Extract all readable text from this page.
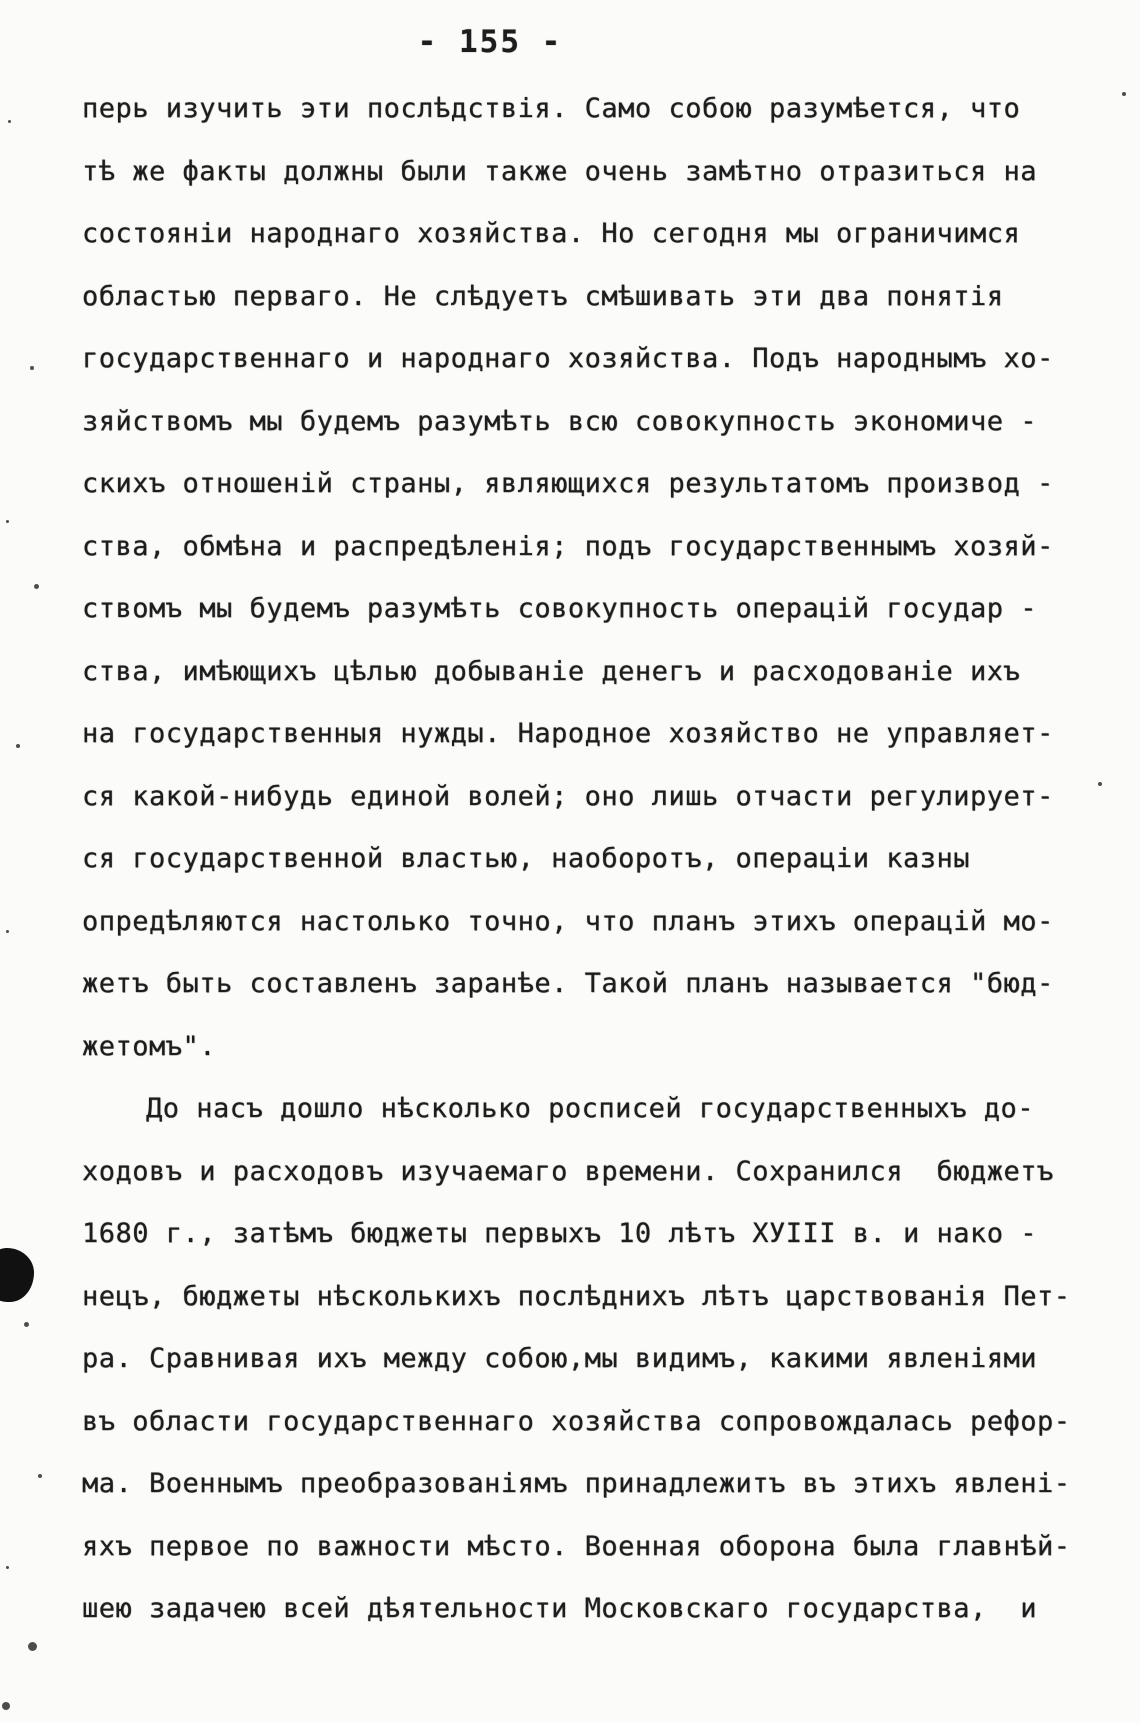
- 155 -
перь изучить эти послѣдствія. Само собою разумѣется, что
тѣ же факты должны были также очень замѣтно отразиться на
состояніи народнаго хозяйства. Но сегодня мы ограничимся
областью перваго. Не слѣдуетъ смѣшивать эти два понятія
государственнаго и народнаго хозяйства. Подъ народнымъ хо-
зяйствомъ мы будемъ разумѣть всю совокупность экономиче -
скихъ отношеній страны, являющихся результатомъ производ -
ства, обмѣна и распредѣленія; подъ государственнымъ хозяй-
ствомъ мы будемъ разумѣть совокупность операцій государ -
ства, имѣющихъ цѣлью добываніе денегъ и расходованіе ихъ
на государственныя нужды. Народное хозяйство не управляет-
ся какой-нибудь единой волей; оно лишь отчасти регулирует-
ся государственной властью, наоборотъ, операціи казны
опредѣляются настолько точно, что планъ этихъ операцій мо-
жетъ быть составленъ заранѣе. Такой планъ называется "бюд-
жетомъ".
До насъ дошло нѣсколько росписей государственныхъ до-
ходовъ и расходовъ изучаемаго времени. Сохранился  бюджетъ
1680 г., затѣмъ бюджеты первыхъ 10 лѣтъ ХУІІІ в. и нако -
нецъ, бюджеты нѣсколькихъ послѣднихъ лѣтъ царствованія Пет-
ра. Сравнивая ихъ между собою,мы видимъ, какими явленіями
въ области государственнаго хозяйства сопровождалась рефор-
ма. Военнымъ преобразованіямъ принадлежитъ въ этихъ явлені-
яхъ первое по важности мѣсто. Военная оборона была главнѣй-
шею задачею всей дѣятельности Московскаго государства,  и
